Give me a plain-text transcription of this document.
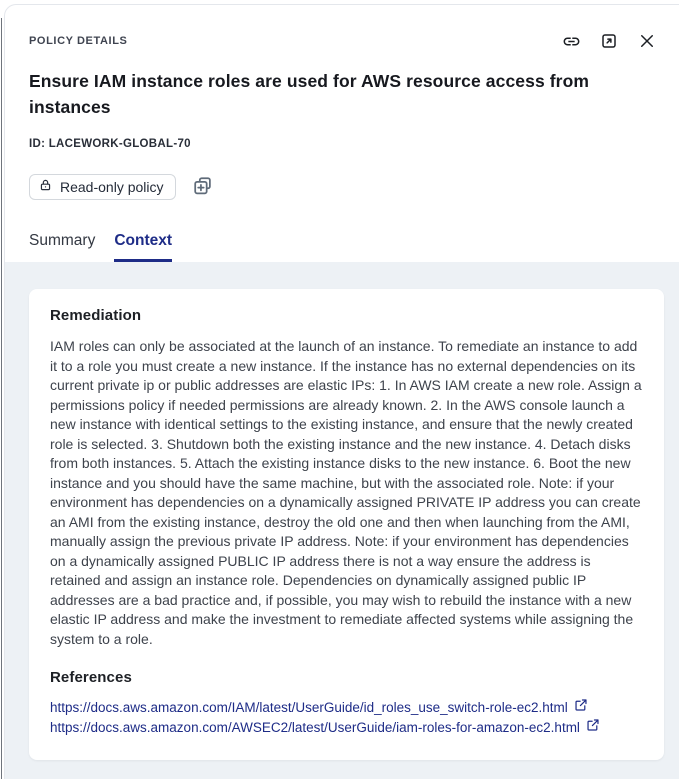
POLICY DETAILS
Ensure IAM instance roles are used for AWS resource access from instances
ID: LACEWORK-GLOBAL-70
Read-only policy
Summary Context
Remediation

IAM roles can only be associated at the launch of an instance. To remediate an instance to add it to a role you must create a new instance. If the instance has no external dependencies on its current private ip or public addresses are elastic IPs: 1. In AWS IAM create a new role. Assign a permissions policy if needed permissions are already known. 2. In the AWS console launch a new instance with identical settings to the existing instance, and ensure that the newly created role is selected. 3. Shutdown both the existing instance and the new instance. 4. Detach disks from both instances. 5. Attach the existing instance disks to the new instance. 6. Boot the new instance and you should have the same machine, but with the associated role. Note: if your environment has dependencies on a dynamically assigned PRIVATE IP address you can create an AMI from the existing instance, destroy the old one and then when launching from the AMI, manually assign the previous private IP address. Note: if your environment has dependencies on a dynamically assigned PUBLIC IP address there is not a way ensure the address is retained and assign an instance role. Dependencies on dynamically assigned public IP addresses are a bad practice and, if possible, you may wish to rebuild the instance with a new elastic IP address and make the investment to remediate affected systems while assigning the system to a role.

References
https://docs.aws.amazon.com/IAM/latest/UserGuide/id_roles_use_switch-role-ec2.html
https://docs.aws.amazon.com/AWSEC2/latest/UserGuide/iam-roles-for-amazon-ec2.html
